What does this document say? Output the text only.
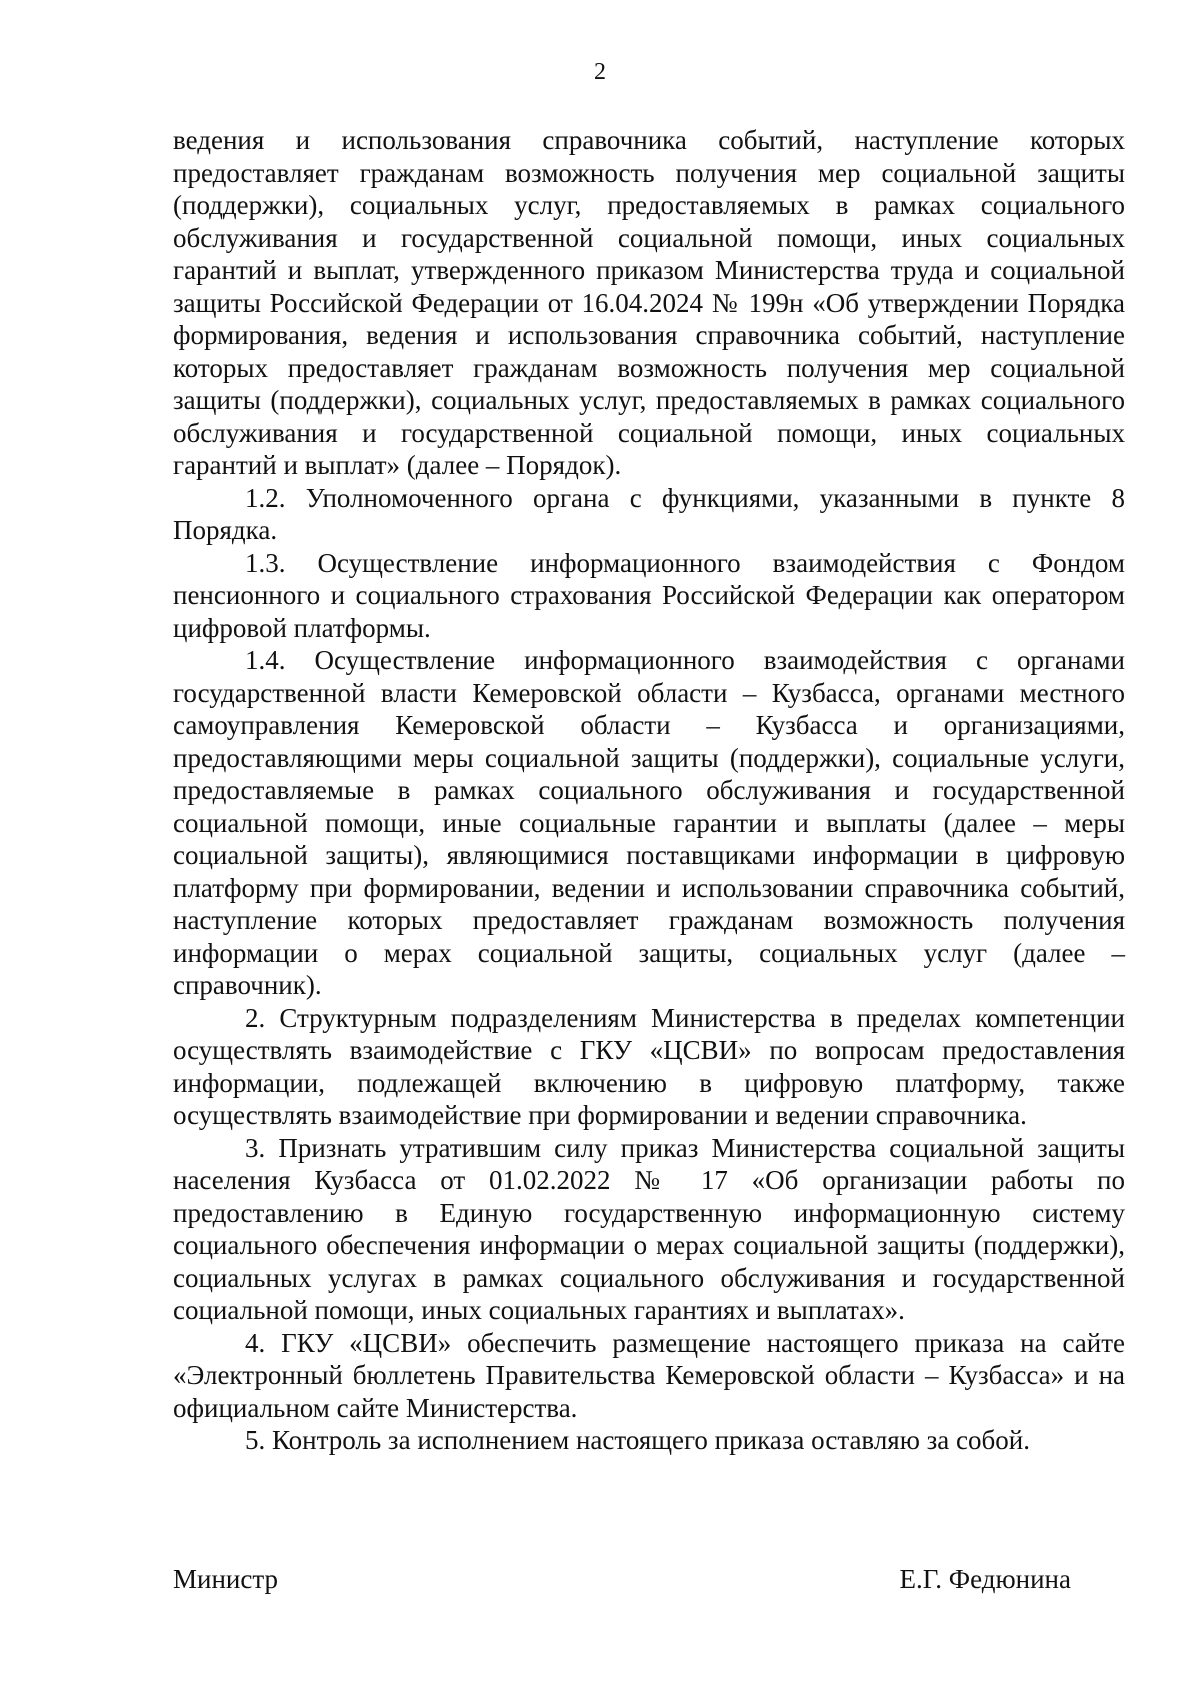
2

ведения и использования справочника событий, наступление которых предоставляет гражданам возможность получения мер социальной защиты (поддержки), социальных услуг, предоставляемых в рамках социального обслуживания и государственной социальной помощи, иных социальных гарантий и выплат, утвержденного приказом Министерства труда и социальной защиты Российской Федерации от 16.04.2024 № 199н «Об утверждении Порядка формирования, ведения и использования справочника событий, наступление которых предоставляет гражданам возможность получения мер социальной защиты (поддержки), социальных услуг, предоставляемых в рамках социального обслуживания и государственной социальной помощи, иных социальных гарантий и выплат» (далее – Порядок).

1.2. Уполномоченного органа с функциями, указанными в пункте 8 Порядка.

1.3. Осуществление информационного взаимодействия с Фондом пенсионного и социального страхования Российской Федерации как оператором цифровой платформы.

1.4. Осуществление информационного взаимодействия с органами государственной власти Кемеровской области – Кузбасса, органами местного самоуправления Кемеровской области – Кузбасса и организациями, предоставляющими меры социальной защиты (поддержки), социальные услуги, предоставляемые в рамках социального обслуживания и государственной социальной помощи, иные социальные гарантии и выплаты (далее – меры социальной защиты), являющимися поставщиками информации в цифровую платформу при формировании, ведении и использовании справочника событий, наступление которых предоставляет гражданам возможность получения информации о мерах социальной защиты, социальных услуг (далее – справочник).

2. Структурным подразделениям Министерства в пределах компетенции осуществлять взаимодействие с ГКУ «ЦСВИ» по вопросам предоставления информации, подлежащей включению в цифровую платформу, также осуществлять взаимодействие при формировании и ведении справочника.

3. Признать утратившим силу приказ Министерства социальной защиты населения Кузбасса от 01.02.2022 № 17 «Об организации работы по предоставлению в Единую государственную информационную систему социального обеспечения информации о мерах социальной защиты (поддержки), социальных услугах в рамках социального обслуживания и государственной социальной помощи, иных социальных гарантиях и выплатах».

4. ГКУ «ЦСВИ» обеспечить размещение настоящего приказа на сайте «Электронный бюллетень Правительства Кемеровской области – Кузбасса» и на официальном сайте Министерства.

5. Контроль за исполнением настоящего приказа оставляю за собой.

Министр	Е.Г. Федюнина
